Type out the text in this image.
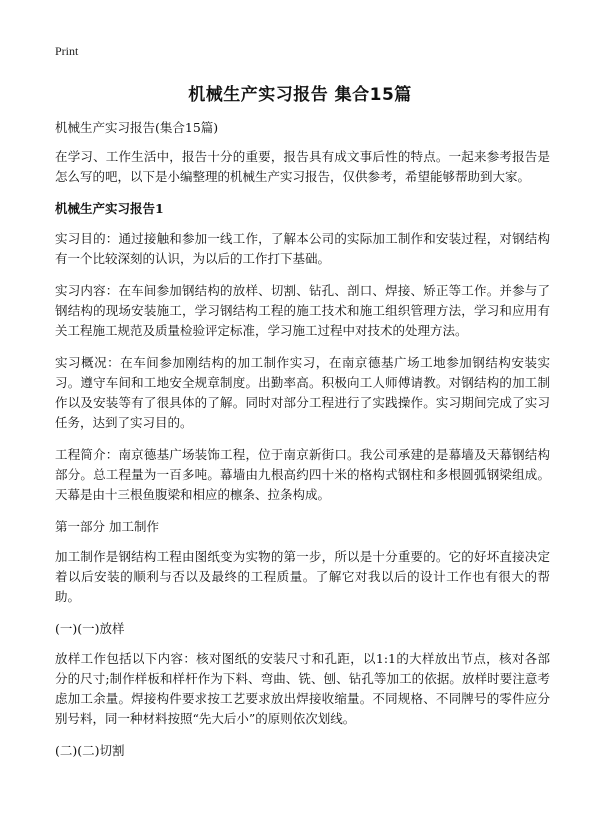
Print
机械生产实习报告 集合15篇

机械生产实习报告(集合15篇)

在学习、工作生活中，报告十分的重要，报告具有成文事后性的特点。一起来参考报告是怎么写的吧，以下是小编整理的机械生产实习报告，仅供参考，希望能够帮助到大家。

机械生产实习报告1

实习目的：通过接触和参加一线工作，了解本公司的实际加工制作和安装过程，对钢结构有一个比较深刻的认识，为以后的工作打下基础。

实习内容：在车间参加钢结构的放样、切割、钻孔、剖口、焊接、矫正等工作。并参与了钢结构的现场安装施工，学习钢结构工程的施工技术和施工组织管理方法，学习和应用有关工程施工规范及质量检验评定标准，学习施工过程中对技术的处理方法。

实习概况：在车间参加刚结构的加工制作实习，在南京德基广场工地参加钢结构安装实习。遵守车间和工地安全规章制度。出勤率高。积极向工人师傅请教。对钢结构的加工制作以及安装等有了很具体的了解。同时对部分工程进行了实践操作。实习期间完成了实习任务，达到了实习目的。

工程简介：南京德基广场装饰工程，位于南京新街口。我公司承建的是幕墙及天幕钢结构部分。总工程量为一百多吨。幕墙由九根高约四十米的格构式钢柱和多根圆弧钢梁组成。天幕是由十三根鱼腹梁和相应的檩条、拉条构成。

第一部分 加工制作

加工制作是钢结构工程由图纸变为实物的第一步，所以是十分重要的。它的好坏直接决定着以后安装的顺利与否以及最终的工程质量。了解它对我以后的设计工作也有很大的帮助。

(一)(一)放样

放样工作包括以下内容：核对图纸的安装尺寸和孔距，以1:1的大样放出节点，核对各部分的尺寸;制作样板和样杆作为下料、弯曲、铣、刨、钻孔等加工的依据。放样时要注意考虑加工余量。焊接构件要求按工艺要求放出焊接收缩量。不同规格、不同牌号的零件应分别号料，同一种材料按照“先大后小”的原则依次划线。

(二)(二)切割
